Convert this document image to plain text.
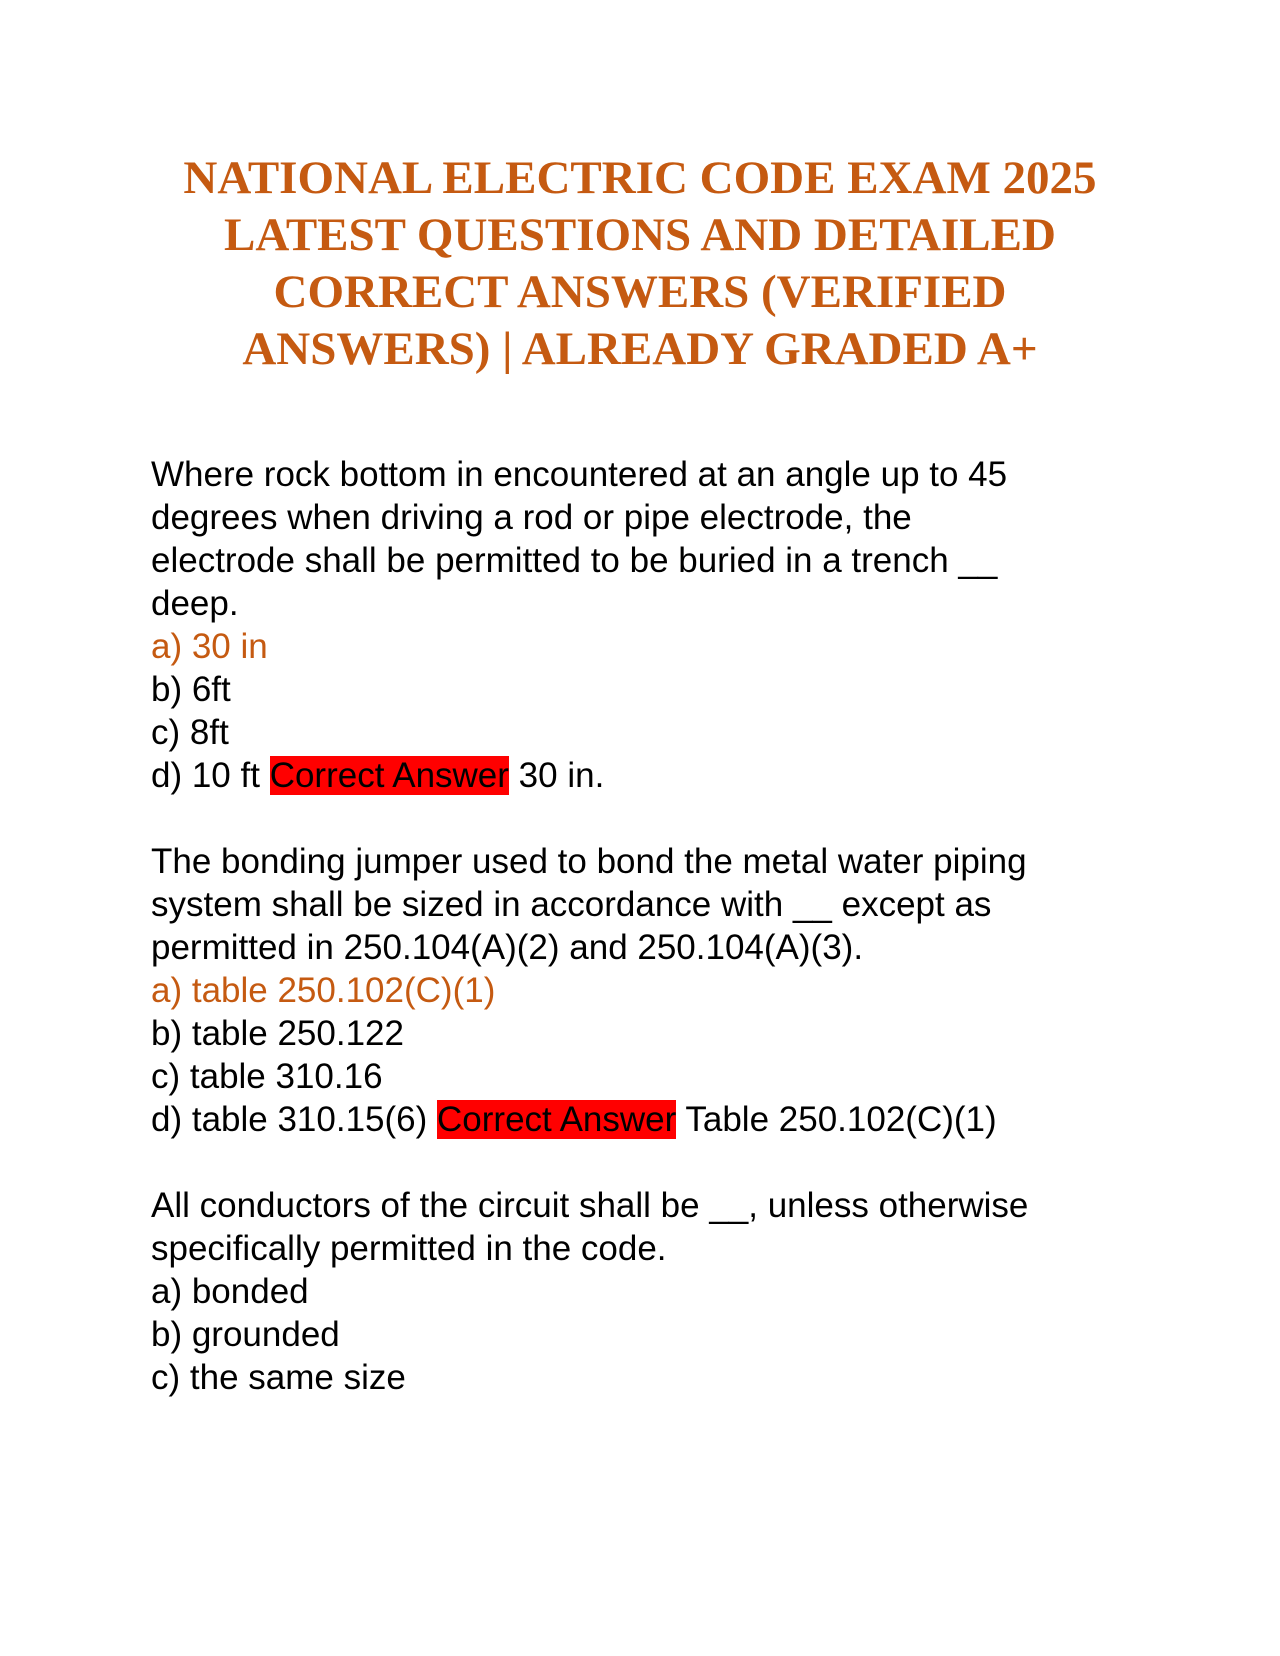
NATIONAL ELECTRIC CODE EXAM 2025
LATEST QUESTIONS AND DETAILED
CORRECT ANSWERS (VERIFIED
ANSWERS) | ALREADY GRADED A+
Where rock bottom in encountered at an angle up to 45
degrees when driving a rod or pipe electrode, the
electrode shall be permitted to be buried in a trench __
deep.
a) 30 in
b) 6ft
c) 8ft
d) 10 ft Correct Answer 30 in.
The bonding jumper used to bond the metal water piping
system shall be sized in accordance with __ except as
permitted in 250.104(A)(2) and 250.104(A)(3).
a) table 250.102(C)(1)
b) table 250.122
c) table 310.16
d) table 310.15(6) Correct Answer Table 250.102(C)(1)
All conductors of the circuit shall be __, unless otherwise
specifically permitted in the code.
a) bonded
b) grounded
c) the same size
